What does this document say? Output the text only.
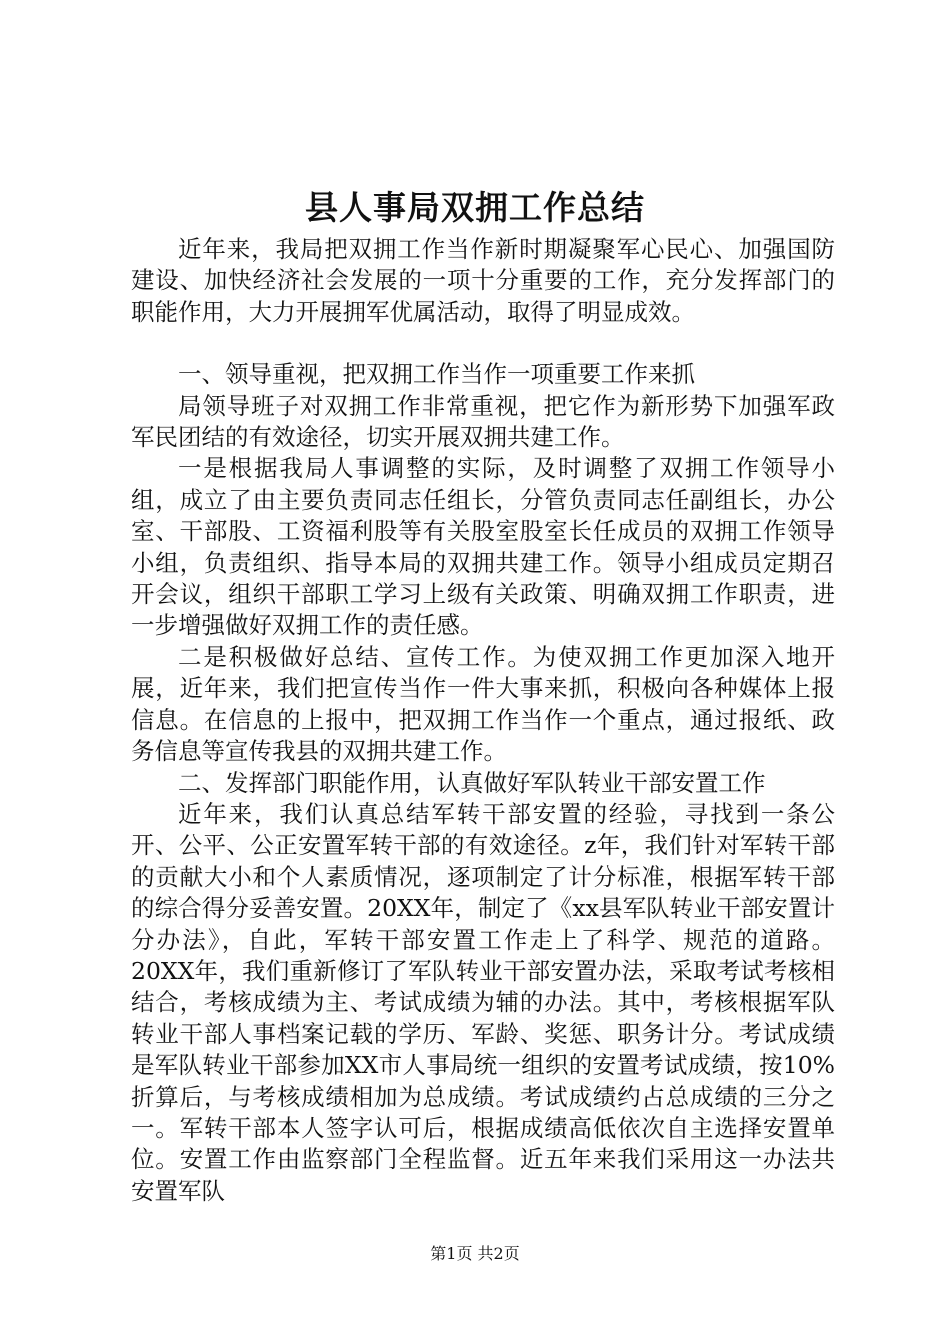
县人事局双拥工作总结

近年来，我局把双拥工作当作新时期凝聚军心民心、加强国防建设、加快经济社会发展的一项十分重要的工作，充分发挥部门的职能作用，大力开展拥军优属活动，取得了明显成效。

一、领导重视，把双拥工作当作一项重要工作来抓

局领导班子对双拥工作非常重视，把它作为新形势下加强军政军民团结的有效途径，切实开展双拥共建工作。

一是根据我局人事调整的实际，及时调整了双拥工作领导小组，成立了由主要负责同志任组长，分管负责同志任副组长，办公室、干部股、工资福利股等有关股室股室长任成员的双拥工作领导小组，负责组织、指导本局的双拥共建工作。领导小组成员定期召开会议，组织干部职工学习上级有关政策、明确双拥工作职责，进一步增强做好双拥工作的责任感。

二是积极做好总结、宣传工作。为使双拥工作更加深入地开展，近年来，我们把宣传当作一件大事来抓，积极向各种媒体上报信息。在信息的上报中，把双拥工作当作一个重点，通过报纸、政务信息等宣传我县的双拥共建工作。

二、发挥部门职能作用，认真做好军队转业干部安置工作

近年来，我们认真总结军转干部安置的经验，寻找到一条公开、公平、公正安置军转干部的有效途径。z年，我们针对军转干部的贡献大小和个人素质情况，逐项制定了计分标准，根据军转干部的综合得分妥善安置。20XX年，制定了《xx县军队转业干部安置计分办法》，自此，军转干部安置工作走上了科学、规范的道路。20XX年，我们重新修订了军队转业干部安置办法，采取考试考核相结合，考核成绩为主、考试成绩为辅的办法。其中，考核根据军队转业干部人事档案记载的学历、军龄、奖惩、职务计分。考试成绩是军队转业干部参加XX市人事局统一组织的安置考试成绩，按10%折算后，与考核成绩相加为总成绩。考试成绩约占总成绩的三分之一。军转干部本人签字认可后，根据成绩高低依次自主选择安置单位。安置工作由监察部门全程监督。近五年来我们采用这一办法共安置军队

第1页 共2页
